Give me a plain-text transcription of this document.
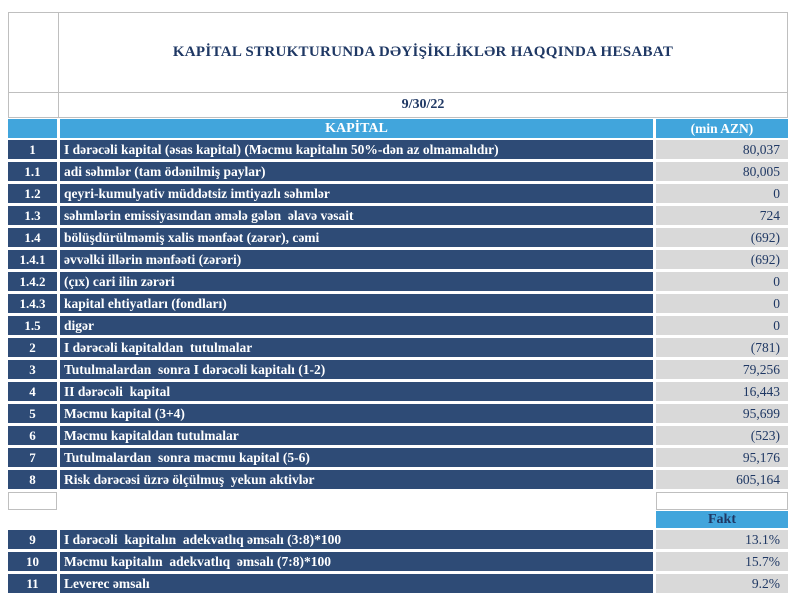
KAPİTAL STRUKTURUNDA DƏYİŞİKLİKLƏR HAQQINDA HESABAT
9/30/22
KAPİTAL	(min AZN)
1	I dərəcəli kapital (əsas kapital) (Məcmu kapitalın 50%-dən az olmamalıdır)	80,037
1.1	adi səhmlər (tam ödənilmiş paylar)	80,005
1.2	qeyri-kumulyativ müddətsiz imtiyazlı səhmlər	0
1.3	səhmlərin emissiyasından əmələ gələn  əlavə vəsait	724
1.4	bölüşdürülməmiş xalis mənfəət (zərər), cəmi	(692)
1.4.1	əvvəlki illərin mənfəəti (zərəri)	(692)
1.4.2	(çıx) cari ilin zərəri	0
1.4.3	kapital ehtiyatları (fondları)	0
1.5	digər	0
2	I dərəcəli kapitaldan  tutulmalar	(781)
3	Tutulmalardan  sonra I dərəcəli kapitalı (1-2)	79,256
4	II dərəcəli  kapital	16,443
5	Məcmu kapital (3+4)	95,699
6	Məcmu kapitaldan tutulmalar	(523)
7	Tutulmalardan  sonra məcmu kapital (5-6)	95,176
8	Risk dərəcəsi üzrə ölçülmuş  yekun aktivlər	605,164
Fakt
9	I dərəcəli  kapitalın  adekvatlıq əmsalı (3:8)*100	13.1%
10	Məcmu kapitalın  adekvatlıq  əmsalı (7:8)*100	15.7%
11	Leverec əmsalı	9.2%
